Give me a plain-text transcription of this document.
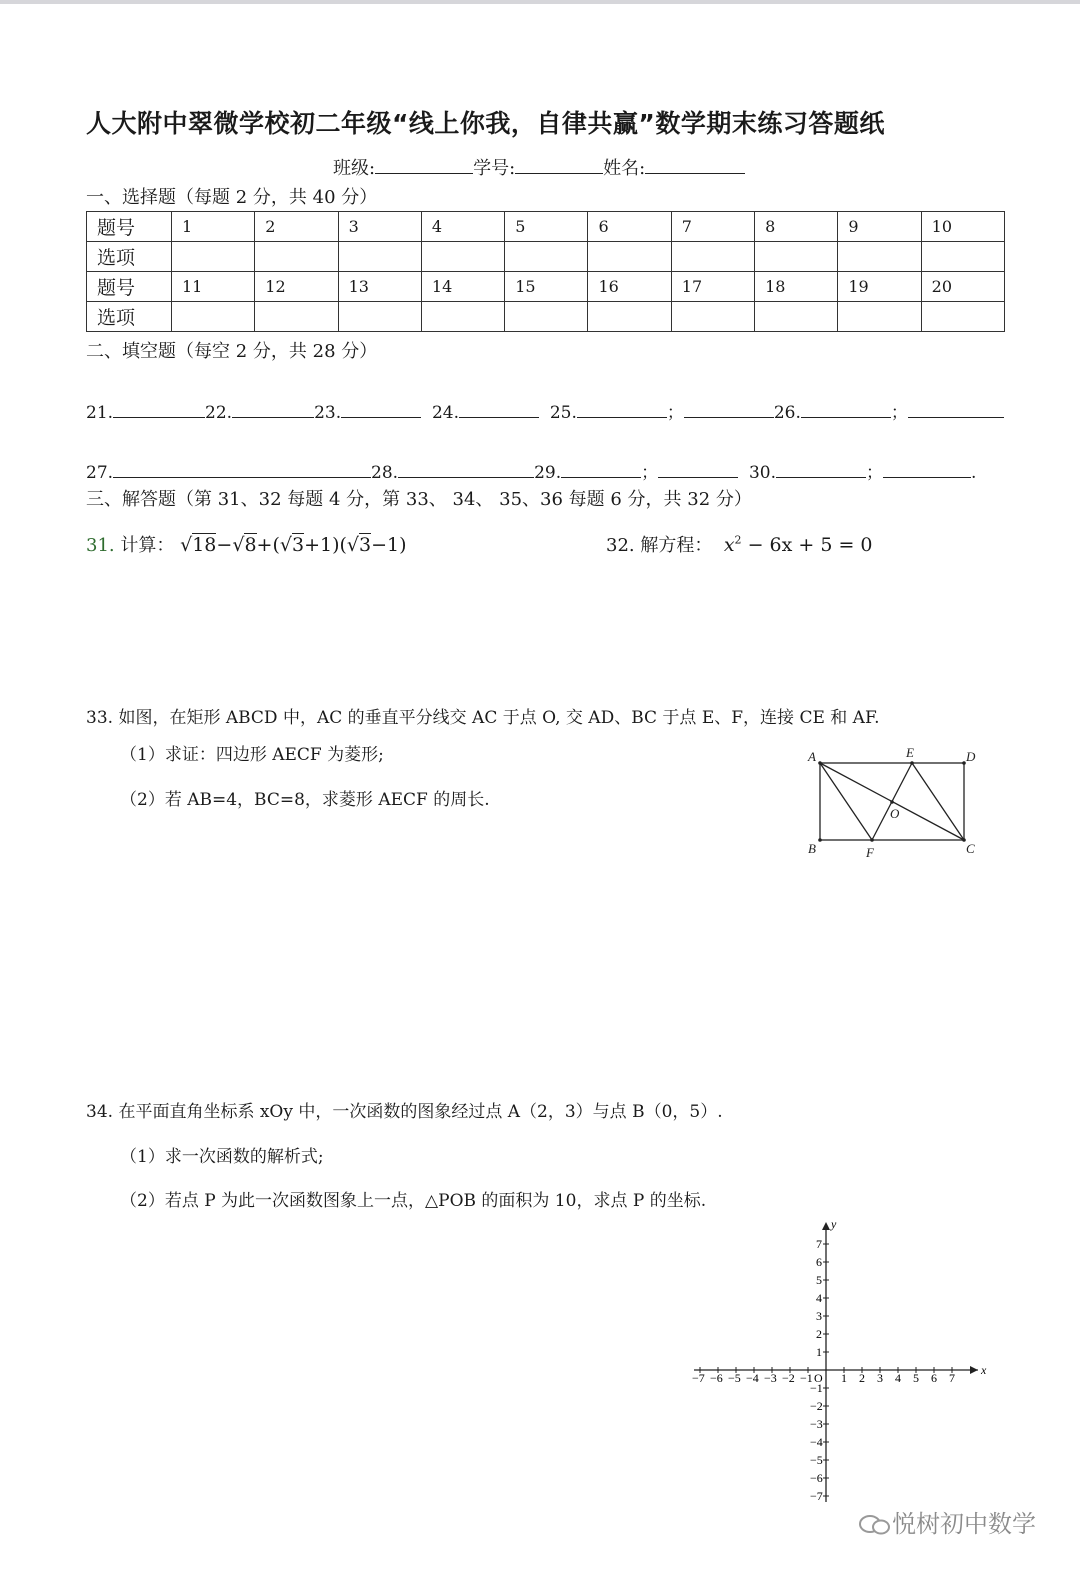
人大附中翠微学校初二年级“线上你我，自律共赢”数学期末练习答题纸
班级:	学号:	姓名:
一、选择题（每题 2 分，共 40 分）
题号	1	2	3	4	5	6	7	8	9	10
选项										
题号	11	12	13	14	15	16	17	18	19	20
选项										
二、填空题（每空 2 分，共 28 分）
21.	22.	23.	24.	25.	；	26.	；
27.	28.	29.	；	30.	；	.
三、解答题（第 31、32 每题 4 分，第 33、 34、 35、36 每题 6 分，共 32 分）
31. 计算： √18−√8+(√3+1)(√3−1)	32. 解方程： $x^2 - 6x + 5 = 0$
33. 如图，在矩形 ABCD 中，AC 的垂直平分线交 AC 于点 O, 交 AD、BC 于点 E、F，连接 CE 和 AF.
（1）求证：四边形 AECF 为菱形;
（2）若 AB=4，BC=8，求菱形 AECF 的周长.
A	E	D
B	F	C
O
34. 在平面直角坐标系 xOy 中，一次函数的图象经过点 A（2，3）与点 B（0，5）.
（1）求一次函数的解析式;
（2）若点 P 为此一次函数图象上一点，△POB 的面积为 10，求点 P 的坐标.
x
y
O
−7 −6 −5 −4 −3 −2 −1 1 2 3 4 5 6 7
7
6
5
4
3
2
1
−1
−2
−3
−4
−5
−6
−7
悦树初中数学
